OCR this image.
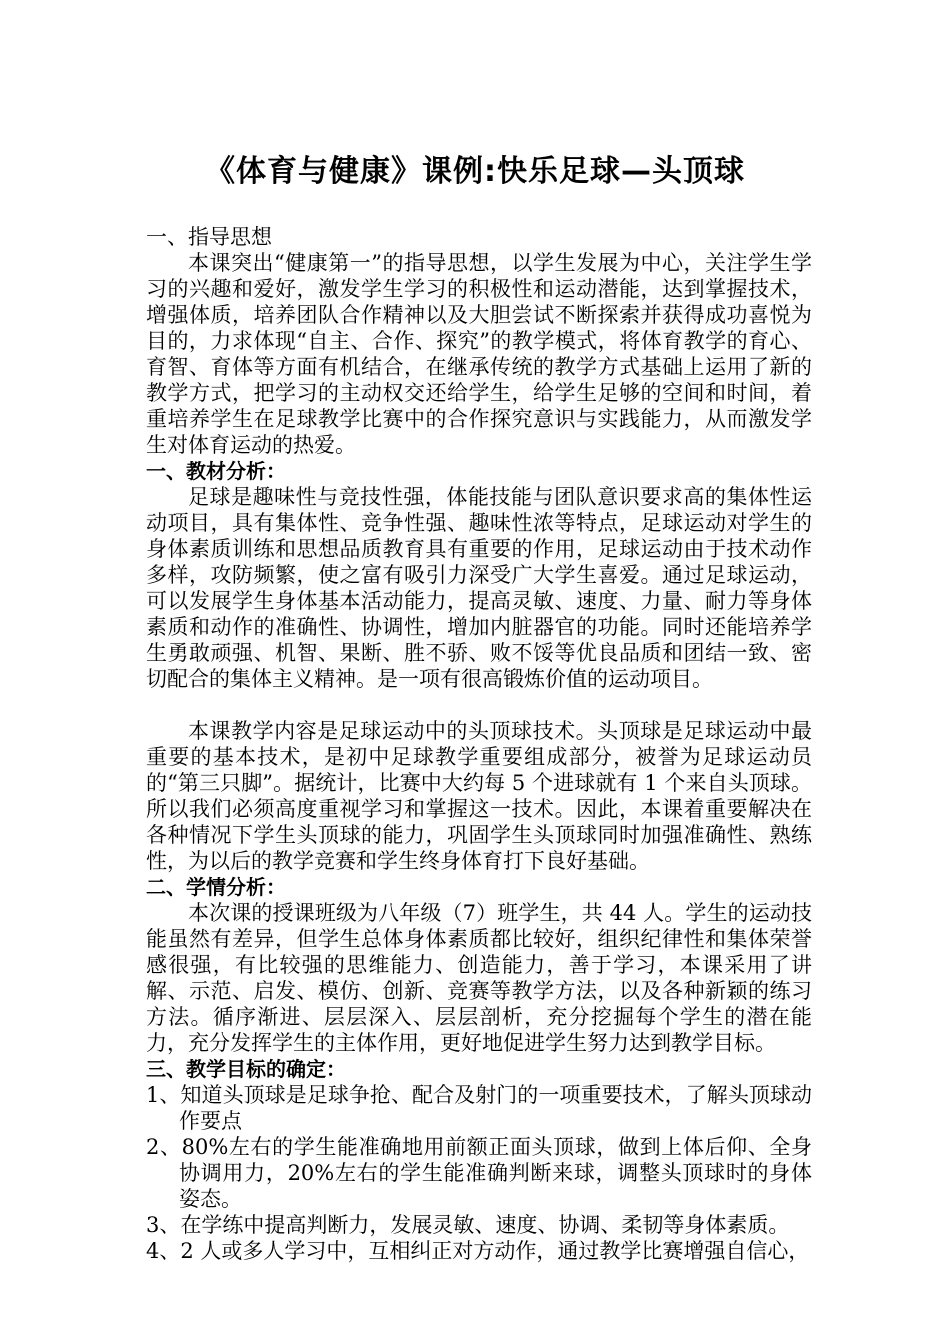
《体育与健康》课例:快乐足球—头顶球

一、指导思想

本课突出“健康第一”的指导思想，以学生发展为中心，关注学生学习的兴趣和爱好，激发学生学习的积极性和运动潜能，达到掌握技术，增强体质，培养团队合作精神以及大胆尝试不断探索并获得成功喜悦为目的，力求体现“自主、合作、探究”的教学模式，将体育教学的育心、育智、育体等方面有机结合，在继承传统的教学方式基础上运用了新的教学方式，把学习的主动权交还给学生，给学生足够的空间和时间，着重培养学生在足球教学比赛中的合作探究意识与实践能力，从而激发学生对体育运动的热爱。

一、教材分析：

足球是趣味性与竞技性强，体能技能与团队意识要求高的集体性运动项目，具有集体性、竞争性强、趣味性浓等特点，足球运动对学生的身体素质训练和思想品质教育具有重要的作用，足球运动由于技术动作多样，攻防频繁，使之富有吸引力深受广大学生喜爱。通过足球运动，可以发展学生身体基本活动能力，提高灵敏、速度、力量、耐力等身体素质和动作的准确性、协调性，增加内脏器官的功能。同时还能培养学生勇敢顽强、机智、果断、胜不骄、败不馁等优良品质和团结一致、密切配合的集体主义精神。是一项有很高锻炼价值的运动项目。

本课教学内容是足球运动中的头顶球技术。头顶球是足球运动中最重要的基本技术，是初中足球教学重要组成部分，被誉为足球运动员的“第三只脚”。据统计，比赛中大约每 5 个进球就有 1 个来自头顶球。所以我们必须高度重视学习和掌握这一技术。因此，本课着重要解决在各种情况下学生头顶球的能力，巩固学生头顶球同时加强准确性、熟练性，为以后的教学竞赛和学生终身体育打下良好基础。

二、学情分析：

本次课的授课班级为八年级（7）班学生，共 44 人。学生的运动技能虽然有差异，但学生总体身体素质都比较好，组织纪律性和集体荣誉感很强，有比较强的思维能力、创造能力，善于学习，本课采用了讲解、示范、启发、模仿、创新、竞赛等教学方法，以及各种新颖的练习方法。循序渐进、层层深入、层层剖析，充分挖掘每个学生的潜在能力，充分发挥学生的主体作用，更好地促进学生努力达到教学目标。

三、教学目标的确定：

1、知道头顶球是足球争抢、配合及射门的一项重要技术，了解头顶球动作要点

2、80%左右的学生能准确地用前额正面头顶球，做到上体后仰、全身协调用力，20%左右的学生能准确判断来球，调整头顶球时的身体姿态。

3、在学练中提高判断力，发展灵敏、速度、协调、柔韧等身体素质。

4、2 人或多人学习中，互相纠正对方动作，通过教学比赛增强自信心，
